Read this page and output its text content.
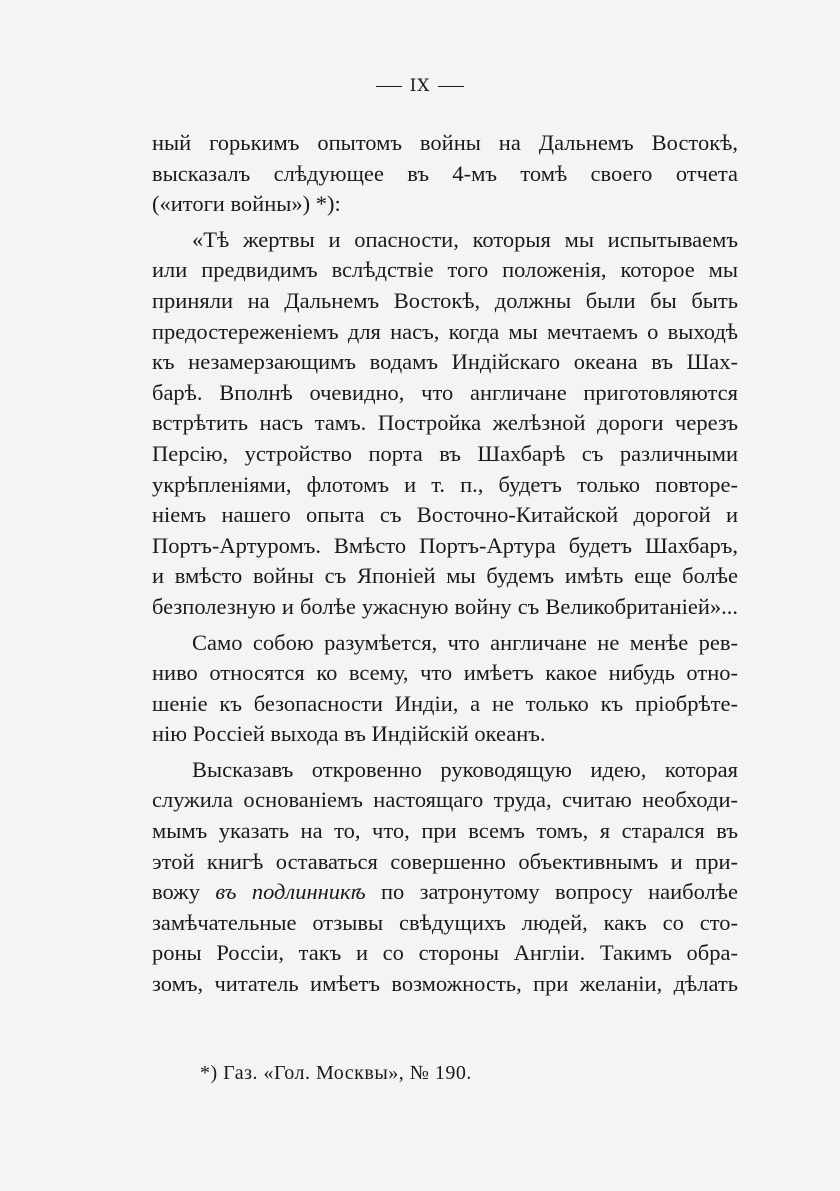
IX
ный горькимъ опытомъ войны на Дальнемъ Востокѣ,
высказалъ слѣдующее въ 4-мъ томѣ своего отчета
(«итоги войны») *):
«Тѣ жертвы и опасности, которыя мы испытываемъ
или предвидимъ вслѣдствіе того положенія, которое мы
приняли на Дальнемъ Востокѣ, должны были бы быть
предостереженіемъ для насъ, когда мы мечтаемъ о выходѣ
къ незамерзающимъ водамъ Индійскаго океана въ Шах-
барѣ. Вполнѣ очевидно, что англичане приготовляются
встрѣтить насъ тамъ. Постройка желѣзной дороги черезъ
Персію, устройство порта въ Шахбарѣ съ различными
укрѣпленіями, флотомъ и т. п., будетъ только повторе-
ніемъ нашего опыта съ Восточно-Китайской дорогой и
Портъ-Артуромъ. Вмѣсто Портъ-Артура будетъ Шахбаръ,
и вмѣсто войны съ Японіей мы будемъ имѣть еще болѣе
безполезную и болѣе ужасную войну съ Великобританіей»...
Само собою разумѣется, что англичане не менѣе рев-
ниво относятся ко всему, что имѣетъ какое нибудь отно-
шеніе къ безопасности Индіи, а не только къ пріобрѣте-
нію Россіей выхода въ Индійскій океанъ.
Высказавъ откровенно руководящую идею, которая
служила основаніемъ настоящаго труда, считаю необходи-
мымъ указать на то, что, при всемъ томъ, я старался въ
этой книгѣ оставаться совершенно объективнымъ и при-
вожу въ подлинникѣ по затронутому вопросу наиболѣе
замѣчательные отзывы свѣдущихъ людей, какъ со сто-
роны Россіи, такъ и со стороны Англіи. Такимъ обра-
зомъ, читатель имѣетъ возможность, при желаніи, дѣлать
*) Газ. «Гол. Москвы», № 190.
